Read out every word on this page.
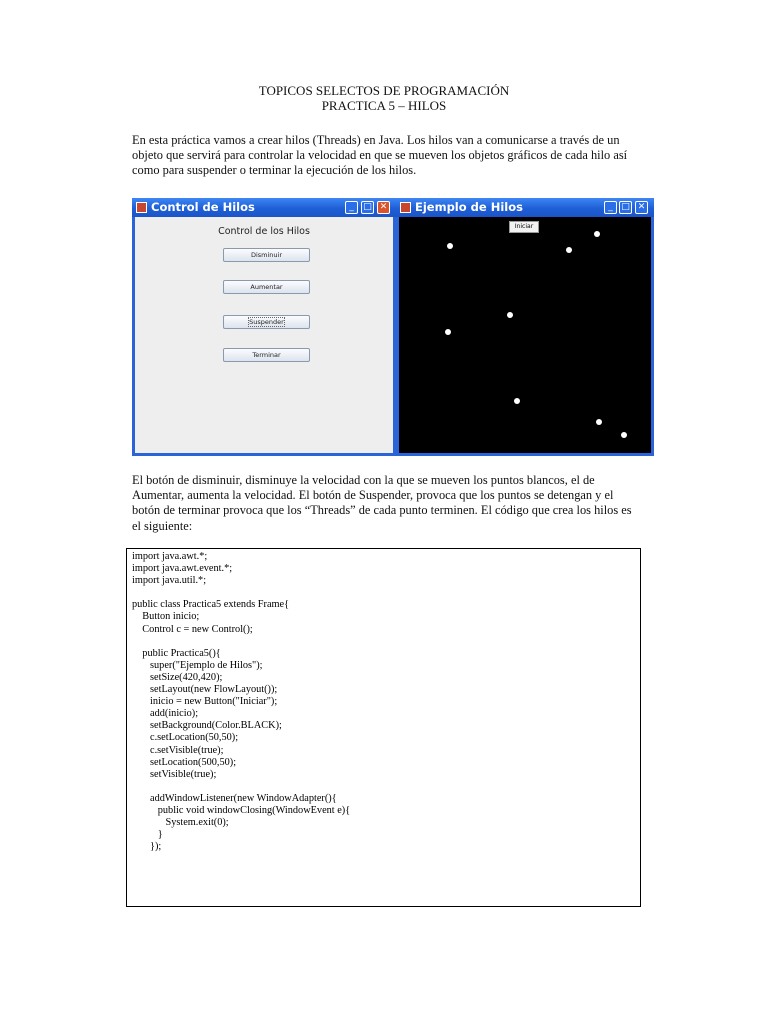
TOPICOS SELECTOS DE PROGRAMACIÓN
PRACTICA 5 – HILOS

En esta práctica vamos a crear hilos (Threads) en Java. Los hilos van a comunicarse a través de un objeto que servirá para controlar la velocidad en que se mueven los objetos gráficos de cada hilo así como para suspender o terminar la ejecución de los hilos.

Control de Hilos	_	□ ✕
Control de los Hilos
Disminuir
Aumentar
Suspender
Terminar
Ejemplo de Hilos	_ □ ✕
Iniciar

El botón de disminuir, disminuye la velocidad con la que se mueven los puntos blancos, el de Aumentar, aumenta la velocidad. El botón de Suspender, provoca que los puntos se detengan y el botón de terminar provoca que los “Threads” de cada punto terminen. El código que crea los hilos es el siguiente:

import java.awt.*;
import java.awt.event.*;
import java.util.*;

public class Practica5 extends Frame{
Button inicio;
Control c = new Control();

public Practica5(){
super("Ejemplo de Hilos");
setSize(420,420);
setLayout(new FlowLayout());
inicio = new Button("Iniciar");
add(inicio);
setBackground(Color.BLACK);
c.setLocation(50,50);
c.setVisible(true);
setLocation(500,50);
setVisible(true);

addWindowListener(new WindowAdapter(){
public void windowClosing(WindowEvent e){
System.exit(0);
}
});
